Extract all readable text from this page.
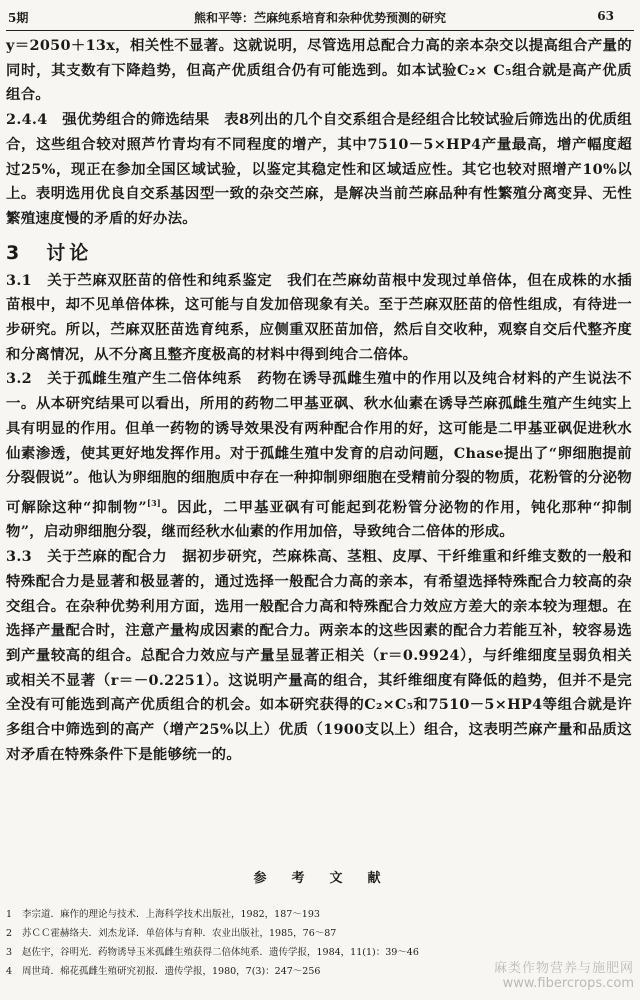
5期	熊和平等：苎麻纯系培育和杂种优势预测的研究	63

y＝2050＋13x，相关性不显著。这就说明，尽管选用总配合力高的亲本杂交以提高组合产量的同时，其支数有下降趋势，但高产优质组合仍有可能选到。如本试验C₂× C₅组合就是高产优质组合。

2.4.4　强优势组合的筛选结果　表8列出的几个自交系组合是经组合比较试验后筛选出的优质组合，这些组合较对照芦竹青均有不同程度的增产，其中7510－5×HP4产量最高，增产幅度超过25%，现正在参加全国区域试验，以鉴定其稳定性和区域适应性。其它也较对照增产10%以上。表明选用优良自交系基因型一致的杂交苎麻，是解决当前苎麻品种有性繁殖分离变异、无性繁殖速度慢的矛盾的好办法。

3　讨论

3.1　关于苎麻双胚苗的倍性和纯系鉴定　我们在苎麻幼苗根中发现过单倍体，但在成株的水插苗根中，却不见单倍体株，这可能与自发加倍现象有关。至于苎麻双胚苗的倍性组成，有待进一步研究。所以，苎麻双胚苗选育纯系，应侧重双胚苗加倍，然后自交收种，观察自交后代整齐度和分离情况，从不分离且整齐度极高的材料中得到纯合二倍体。

3.2　关于孤雌生殖产生二倍体纯系　药物在诱导孤雌生殖中的作用以及纯合材料的产生说法不一。从本研究结果可以看出，所用的药物二甲基亚砜、秋水仙素在诱导苎麻孤雌生殖产生纯实上具有明显的作用。但单一药物的诱导效果没有两种配合作用的好，这可能是二甲基亚砜促进秋水仙素渗透，使其更好地发挥作用。对于孤雌生殖中发育的启动问题，Chase提出了“卵细胞提前分裂假说”。他认为卵细胞的细胞质中存在一种抑制卵细胞在受精前分裂的物质，花粉管的分泌物可解除这种“抑制物”[3]。因此，二甲基亚砜有可能起到花粉管分泌物的作用，钝化那种“抑制物”，启动卵细胞分裂，继而经秋水仙素的作用加倍，导致纯合二倍体的形成。

3.3　关于苎麻的配合力　据初步研究，苎麻株高、茎粗、皮厚、干纤维重和纤维支数的一般和特殊配合力是显著和极显著的，通过选择一般配合力高的亲本，有希望选择特殊配合力较高的杂交组合。在杂种优势利用方面，选用一般配合力高和特殊配合力效应方差大的亲本较为理想。在选择产量配合时，注意产量构成因素的配合力。两亲本的这些因素的配合力若能互补，较容易选到产量较高的组合。总配合力效应与产量呈显著正相关（r＝0.9924），与纤维细度呈弱负相关或相关不显著（r＝－0.2251）。这说明产量高的组合，其纤维细度有降低的趋势，但并不是完全没有可能选到高产优质组合的机会。如本研究获得的C₂×C₅和7510－5×HP4等组合就是许多组合中筛选到的高产（增产25%以上）优质（1900支以上）组合，这表明苎麻产量和品质这对矛盾在特殊条件下是能够统一的。

参　考　文　献
1 李宗道．麻作的理论与技术．上海科学技术出版社，1982，187～193
2 苏ＣＣ霍赫络夫．刘杰龙译．单倍体与育种．农业出版社，1985，76～87
3 赵佐宇，谷明光．药物诱导玉米孤雌生殖获得二倍体纯系．遗传学报，1984，11(1)：39～46
4 周世琦．棉花孤雌生殖研究初报．遗传学报，1980，7(3)：247～256	麻类作物营养与施肥网
www.fibercrops.com
